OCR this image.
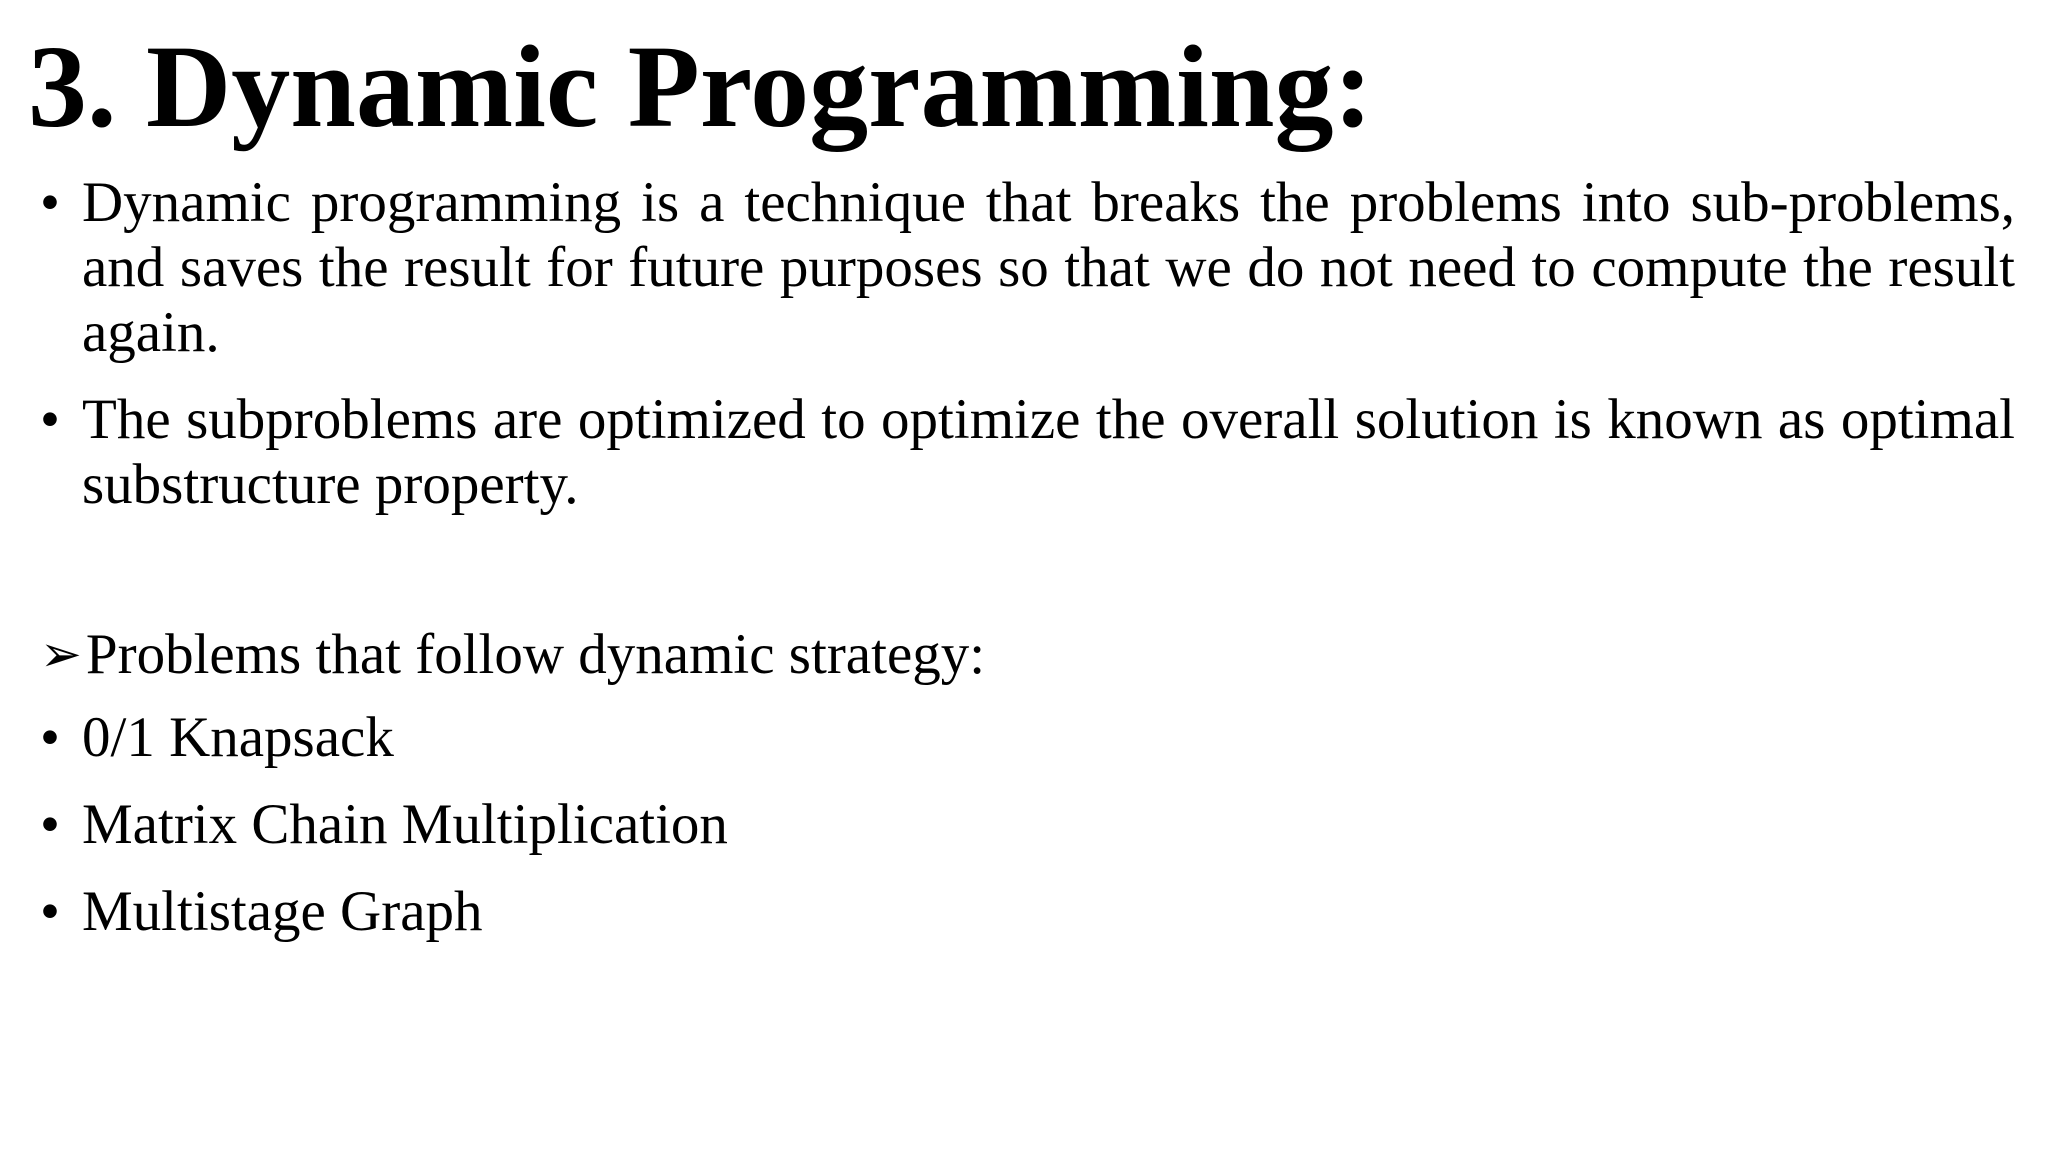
3. Dynamic Programming:
• Dynamic programming is a technique that breaks the problems into sub-problems, and saves the result for future purposes so that we do not need to compute the result again.
• The subproblems are optimized to optimize the overall solution is known as optimal substructure property.

➢Problems that follow dynamic strategy:

• 0/1 Knapsack
• Matrix Chain Multiplication
• Multistage Graph
